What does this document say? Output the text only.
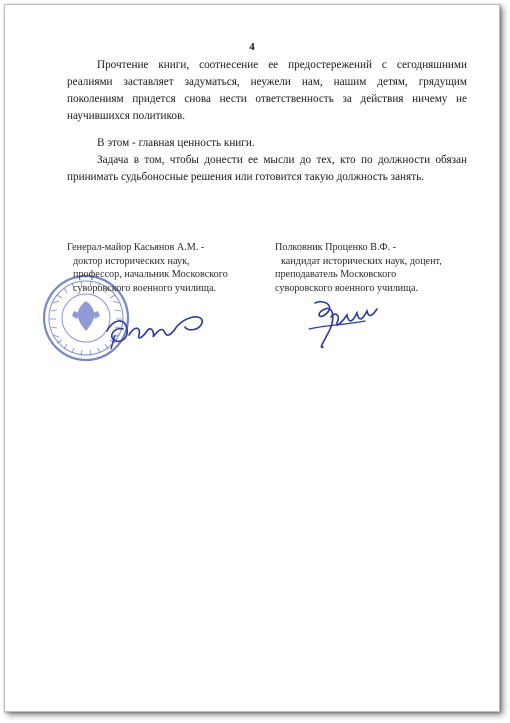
4

Прочтение книги, соотнесение ее предостережений с сегодняшними реалиями заставляет задуматься, неужели нам, нашим детям, грядущим поколениям придется снова нести ответственность за действия ничему не научившихся политиков.

В этом - главная ценность книги.

Задача в том, чтобы донести ее мысли до тех, кто по должности обязан принимать судьбоносные решения или готовится такую должность занять.

Генерал-майор Касьянов А.М. -
доктор исторических наук,
профессор, начальник Московского
суворовского военного училища.
Полковник Проценко В.Ф. -
кандидат исторических наук, доцент,
преподаватель Московского
суворовского военного училища.
